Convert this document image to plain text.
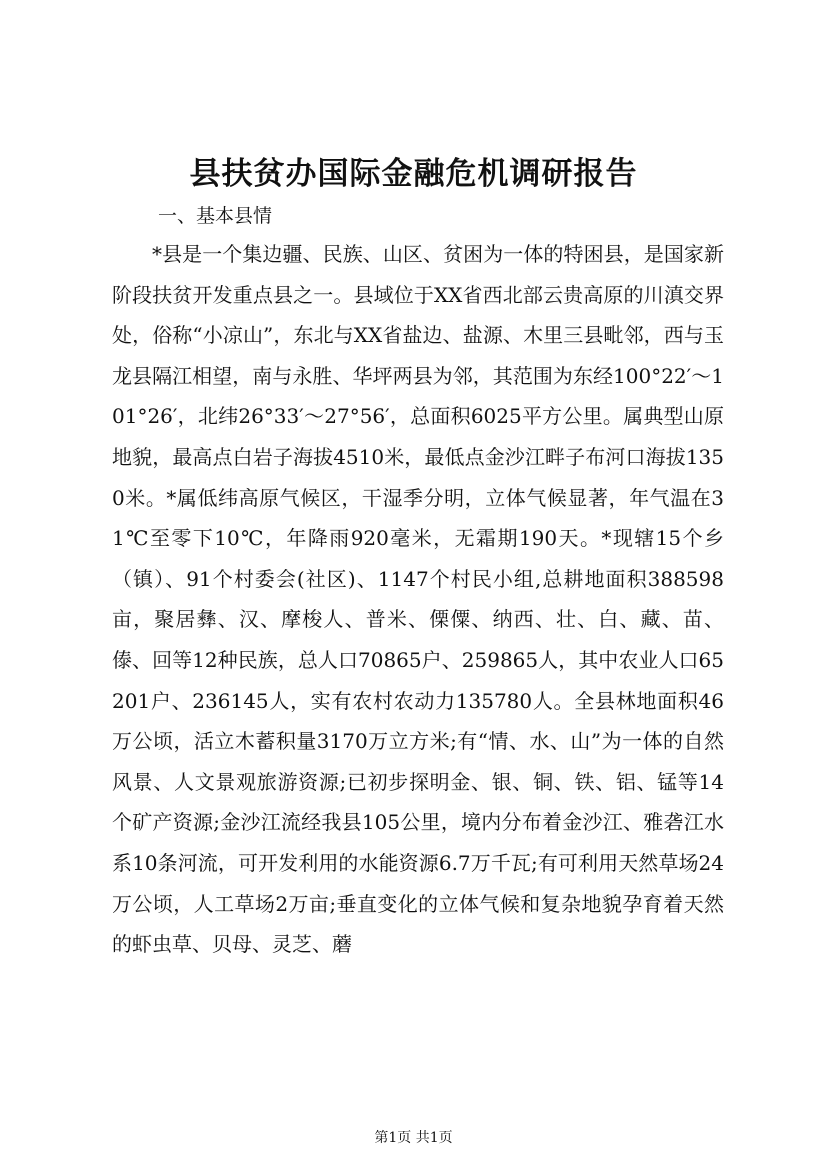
县扶贫办国际金融危机调研报告

一、基本县情

*县是一个集边疆、民族、山区、贫困为一体的特困县，是国家新阶段扶贫开发重点县之一。县域位于XX省西北部云贵高原的川滇交界处，俗称“小凉山”，东北与XX省盐边、盐源、木里三县毗邻，西与玉龙县隔江相望，南与永胜、华坪两县为邻，其范围为东经100°22′～101°26′，北纬26°33′～27°56′，总面积6025平方公里。属典型山原地貌，最高点白岩子海拔4510米，最低点金沙江畔子布河口海拔1350米。*属低纬高原气候区，干湿季分明，立体气候显著，年气温在31℃至零下10℃，年降雨920毫米，无霜期190天。*现辖15个乡（镇）、91个村委会(社区)、1147个村民小组,总耕地面积388598亩，聚居彝、汉、摩梭人、普米、傈僳、纳西、壮、白、藏、苗、傣、回等12种民族，总人口70865户、259865人，其中农业人口65201户、236145人，实有农村农动力135780人。全县林地面积46万公顷，活立木蓄积量3170万立方米;有“情、水、山”为一体的自然风景、人文景观旅游资源;已初步探明金、银、铜、铁、铝、锰等14个矿产资源;金沙江流经我县105公里，境内分布着金沙江、雅砻江水系10条河流，可开发利用的水能资源6.7万千瓦;有可利用天然草场24万公顷，人工草场2万亩;垂直变化的立体气候和复杂地貌孕育着天然的虾虫草、贝母、灵芝、蘑

第1页 共1页
